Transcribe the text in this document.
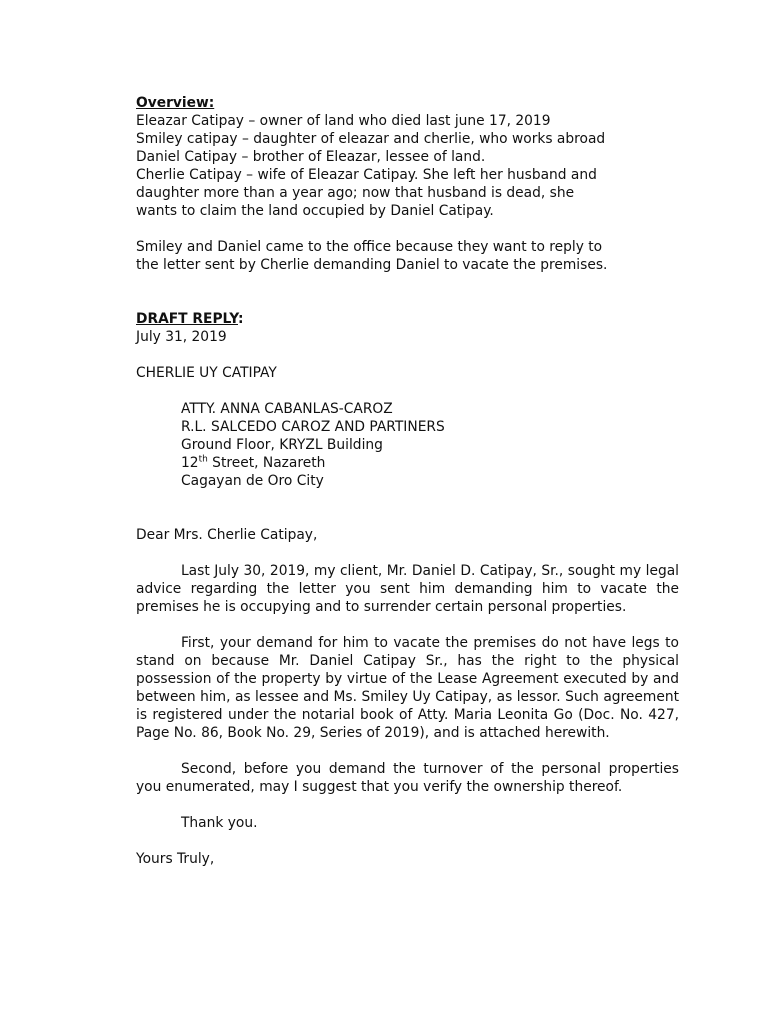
Overview:
Eleazar Catipay – owner of land who died last june 17, 2019
Smiley catipay – daughter of eleazar and cherlie, who works abroad
Daniel Catipay – brother of Eleazar, lessee of land.
Cherlie Catipay – wife of Eleazar Catipay. She left her husband and
daughter more than a year ago; now that husband is dead, she
wants to claim the land occupied by Daniel Catipay.
Smiley and Daniel came to the office because they want to reply to
the letter sent by Cherlie demanding Daniel to vacate the premises.
DRAFT REPLY:
July 31, 2019
CHERLIE UY CATIPAY
ATTY. ANNA CABANLAS-CAROZ
R.L. SALCEDO CAROZ AND PARTINERS
Ground Floor, KRYZL Building
12th Street, Nazareth
Cagayan de Oro City
Dear Mrs. Cherlie Catipay,

Last July 30, 2019, my client, Mr. Daniel D. Catipay, Sr., sought my legal advice regarding the letter you sent him demanding him to vacate the premises he is occupying and to surrender certain personal properties.

First, your demand for him to vacate the premises do not have legs to stand on because Mr. Daniel Catipay Sr., has the right to the physical possession of the property by virtue of the Lease Agreement executed by and between him, as lessee and Ms. Smiley Uy Catipay, as lessor. Such agreement is registered under the notarial book of Atty. Maria Leonita Go (Doc. No. 427, Page No. 86, Book No. 29, Series of 2019), and is attached herewith.

Second, before you demand the turnover of the personal properties you enumerated, may I suggest that you verify the ownership thereof.

Thank you.
Yours Truly,
